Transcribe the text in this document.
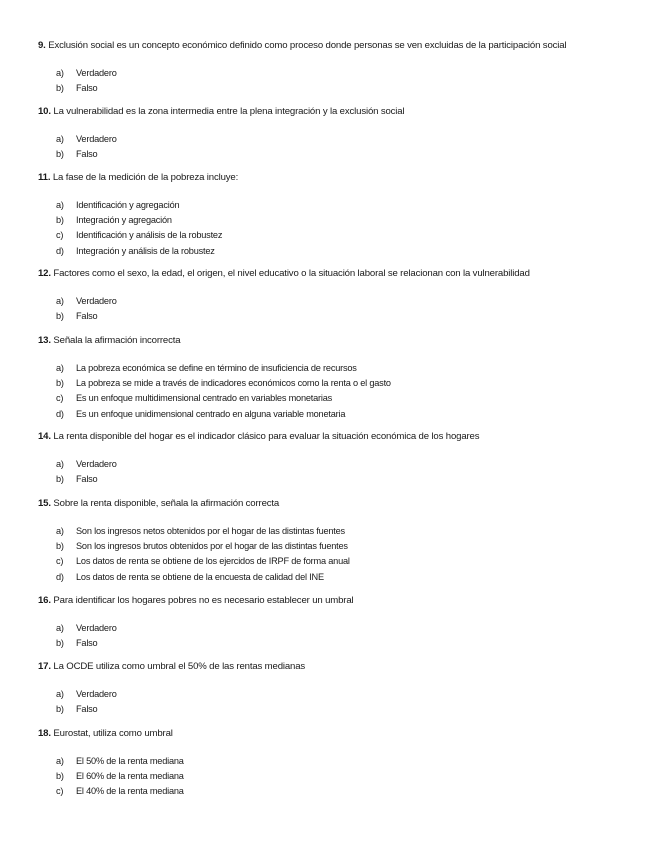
9. Exclusión social es un concepto económico definido como proceso donde personas se ven excluidas de la participación social
a)	Verdadero
b)	Falso
10. La vulnerabilidad es la zona intermedia entre la plena integración y la exclusión social
a)	Verdadero
b)	Falso
11. La fase de la medición de la pobreza incluye:
a)	Identificación y agregación
b)	Integración y agregación
c)	Identificación y análisis de la robustez
d)	Integración y análisis de la robustez
12. Factores como el sexo, la edad, el origen, el nivel educativo o la situación laboral se relacionan con la vulnerabilidad
a)	Verdadero
b)	Falso
13. Señala la afirmación incorrecta
a)	La pobreza económica se define en término de insuficiencia de recursos
b)	La pobreza se mide a través de indicadores económicos como la renta o el gasto
c)	Es un enfoque multidimensional centrado en variables monetarias
d)	Es un enfoque unidimensional centrado en alguna variable monetaria
14. La renta disponible del hogar es el indicador clásico para evaluar la situación económica de los hogares
a)	Verdadero
b)	Falso
15. Sobre la renta disponible, señala la afirmación correcta
a)	Son los ingresos netos obtenidos por el hogar de las distintas fuentes
b)	Son los ingresos brutos obtenidos por el hogar de las distintas fuentes
c)	Los datos de renta se obtiene de los ejercidos de IRPF de forma anual
d)	Los datos de renta se obtiene de la encuesta de calidad del INE
16. Para identificar los hogares pobres no es necesario establecer un umbral
a)	Verdadero
b)	Falso
17. La OCDE utiliza como umbral el 50% de las rentas medianas
a)	Verdadero
b)	Falso
18. Eurostat, utiliza como umbral
a)	El 50% de la renta mediana
b)	El 60% de la renta mediana
c)	El 40% de la renta mediana
